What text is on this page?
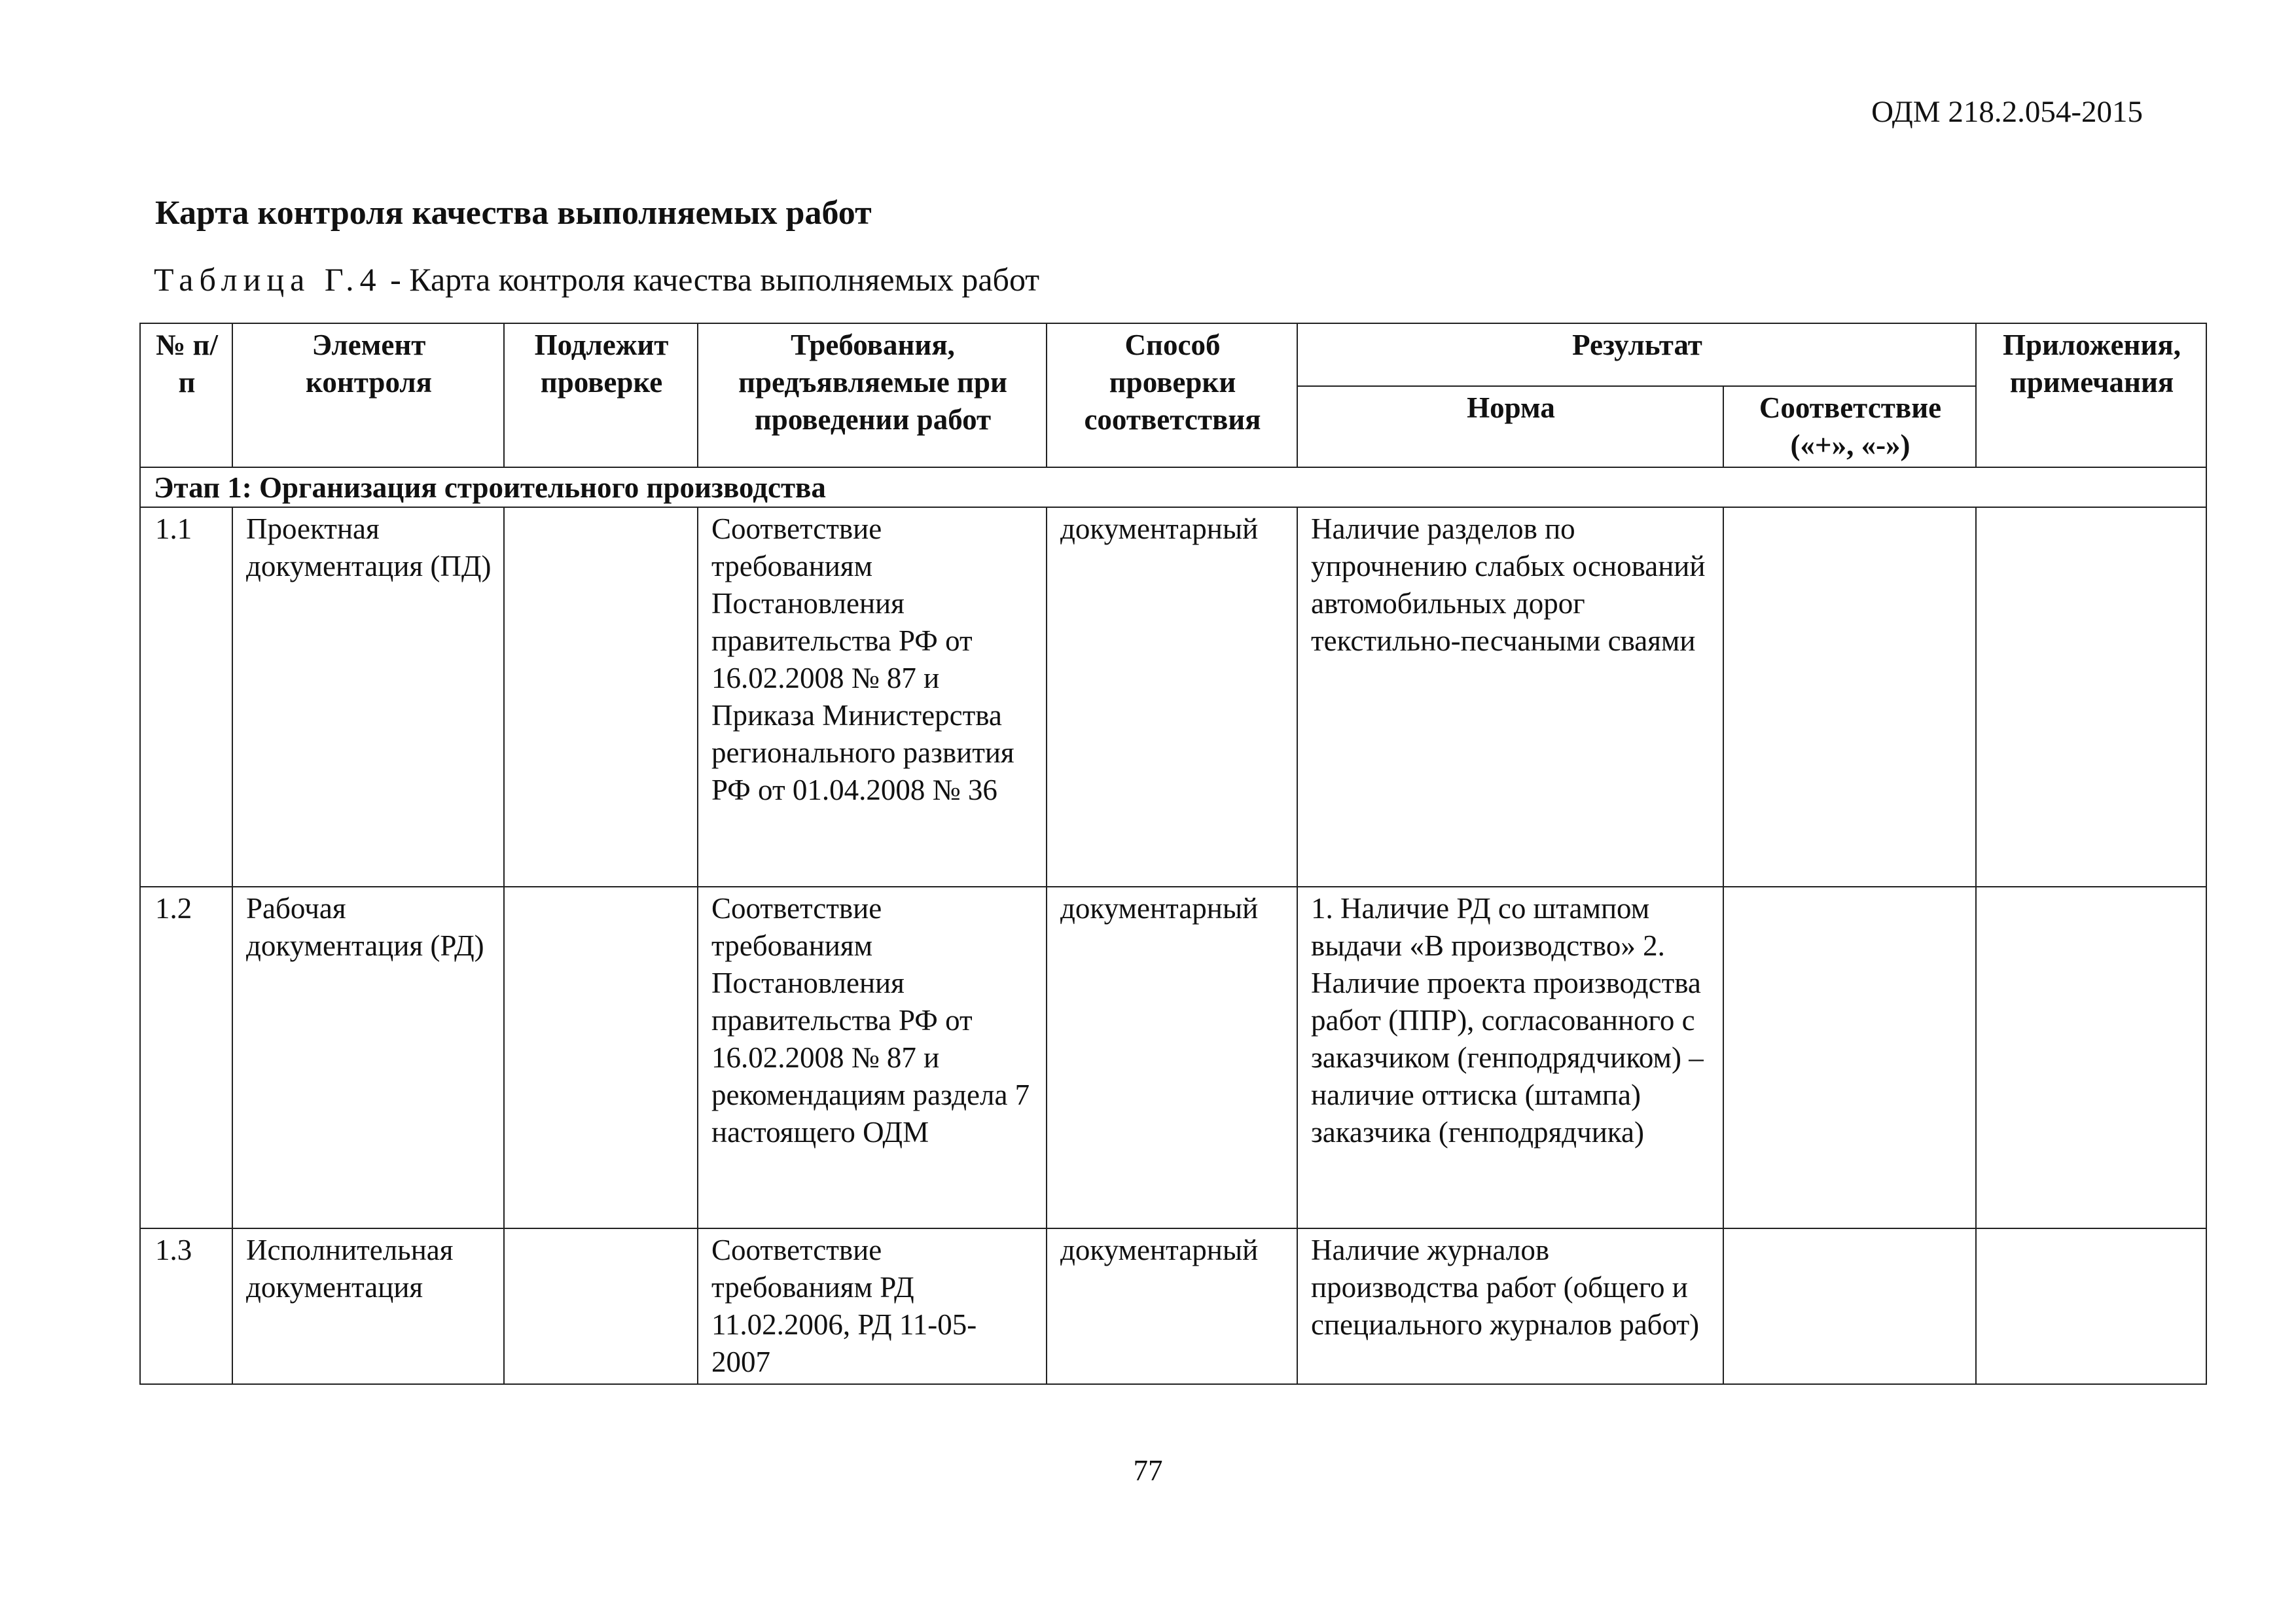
ОДМ 218.2.054-2015
Карта контроля качества выполняемых работ
Таблица Г.4 - Карта контроля качества выполняемых работ
№ п/п	Элемент контроля	Подлежит проверке	Требования, предъявляемые при проведении работ	Способ проверки соответствия	Результат		Приложения, примечания
					Норма	Соответствие («+», «-»)	
Этап 1: Организация строительного производства							
1.1	Проектная документация (ПД)		Соответствие требованиям Постановления правительства РФ от 16.02.2008 № 87 и Приказа Министерства регионального развития РФ от 01.04.2008 № 36	документарный	Наличие разделов по упрочнению слабых оснований автомобильных дорог текстильно-песчаными сваями		
1.2	Рабочая документация (РД)		Соответствие требованиям Постановления правительства РФ от 16.02.2008 № 87 и рекомендациям раздела 7 настоящего ОДМ	документарный	1. Наличие РД со штампом выдачи «В производство» 2. Наличие проекта производства работ (ППР), согласованного с заказчиком (генподрядчиком) – наличие оттиска (штампа) заказчика (генподрядчика)		
1.3	Исполнительная документация		Соответствие требованиям РД 11.02.2006, РД 11-05-2007	документарный	Наличие журналов производства работ (общего и специального журналов работ)		
77
